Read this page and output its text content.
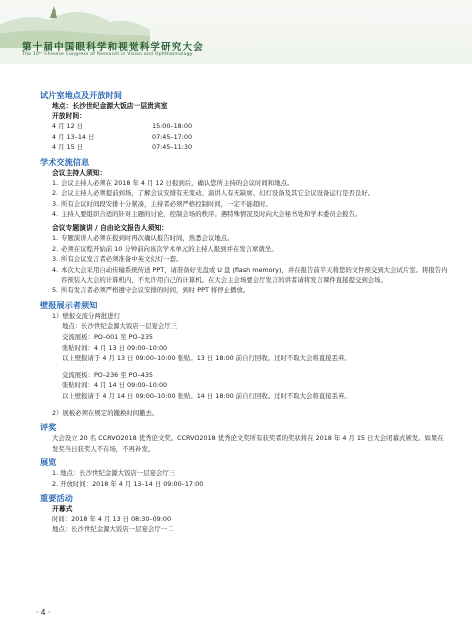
第十届中国眼科学和视觉科学研究大会
The 10ᵗʰ Chinese Congress of Research in Vision and Ophthalmology
试片室地点及开放时间
地点：长沙世纪金源大饭店一层贵宾室
开放时间：
4 月 12 日	15:00–18:00
4 月 13–14 日	07:45–17:00
4 月 15 日	07:45–11:30
学术交流信息
会议主持人须知：
1. 会议主持人必须在 2018 年 4 月 12 日报到后，确认您所主持的会议时间和地点。
2. 会议主持人必须提前到场，了解会议安排有无变动、演讲人有无缺席、幻灯设备及其它会议设备运行是否良好。
3. 所有会议时间段安排十分紧凑，主持者必须严格控制时间，一定不能超时。
4. 主持人要组织合适的针对主题的讨论，控制会场的秩序。遇特殊情况及时向大会秘书处和学术委员会报告。
会议专题演讲 / 自由论文报告人须知：
1. 专题演讲人必须在报到时再次确认报告时间，熟悉会议地点。
2. 必须在议程开始前 10 分钟前向该次学术单元的主持人报到并在发言席就坐。
3. 所有会议发言者必须准备中英文幻灯一套。
4. 本次大会采用自动传输系统传送 PPT，请准备好光盘或 U 盘 (flash memory)，并在报告前半天将您的文件预交到大会试片室。将报告内容预装入大会的计算机内，不允许用自己的计算机。在大会主会场要会厅发言的讲者请将发言课件直接提交到会场。
5. 所有发言者必须严格遵守会议安排的时间，到时 PPT 将停止播放。
壁报展示者须知
1）壁报交流分两批进行
地点：长沙世纪金源大饭店一层宴会厅三
交流展板：PO–001 至 PO–235
张贴时间：4 月 13 日 09:00–10:00
以上壁报请于 4 月 13 日 09:00–10:00 张贴。13 日 18:00 前自行回收。过时不取大会将直接丢弃。
交流展板：PO–236 至 PO–435
张贴时间：4 月 14 日 09:00–10:00
以上壁报请于 4 月 14 日 09:00–10:00 张贴。14 日 18:00 前自行回收。过时不取大会将直接丢弃。
2）展板必须在规定的撤换时间撤去。
评奖
大会设立 20 名 CCRVO2018 优秀论文奖。CCRVO2018 优秀论文奖所有获奖者的奖状将在 2018 年 4 月 15 日大会闭幕式颁发。如果在发奖当日获奖人不在场，不再补发。
展览
1. 地点：长沙世纪金源大饭店一层宴会厅三
2. 开放时间：2018 年 4 月 13–14 日 09:00–17:00
重要活动
开幕式
时间：2018 年 4 月 13 日 08:30–09:00
地点：长沙世纪金源大饭店一层宴会厅一二
· 4 ·
